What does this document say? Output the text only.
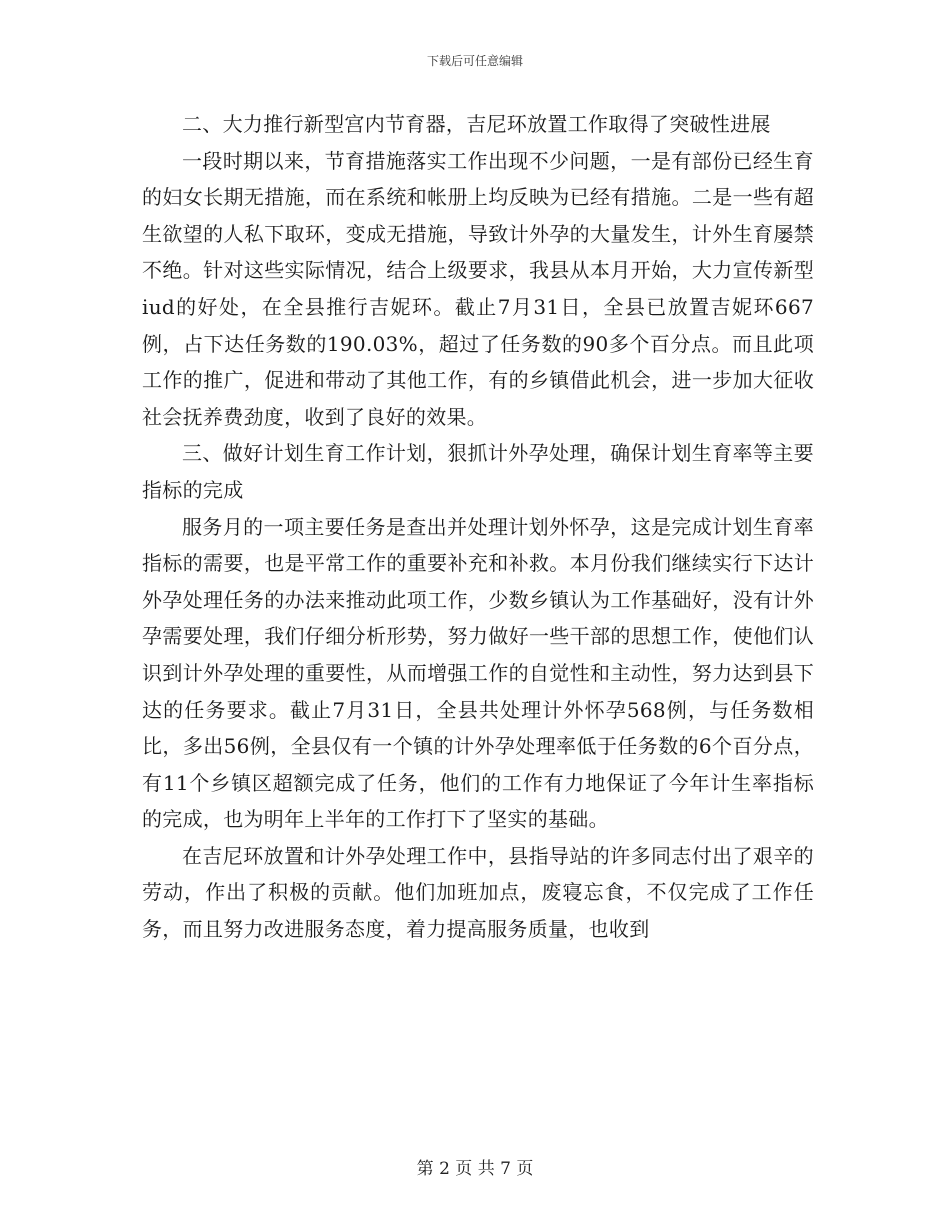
下载后可任意编辑

二、大力推行新型宫内节育器，吉尼环放置工作取得了突破性进展

一段时期以来，节育措施落实工作出现不少问题，一是有部份已经生育的妇女长期无措施，而在系统和帐册上均反映为已经有措施。二是一些有超生欲望的人私下取环，变成无措施，导致计外孕的大量发生，计外生育屡禁不绝。针对这些实际情况，结合上级要求，我县从本月开始，大力宣传新型iud的好处，在全县推行吉妮环。截止7月31日，全县已放置吉妮环667例，占下达任务数的190.03%，超过了任务数的90多个百分点。而且此项工作的推广，促进和带动了其他工作，有的乡镇借此机会，进一步加大征收社会抚养费劲度，收到了良好的效果。

三、做好计划生育工作计划，狠抓计外孕处理，确保计划生育率等主要指标的完成

服务月的一项主要任务是查出并处理计划外怀孕，这是完成计划生育率指标的需要，也是平常工作的重要补充和补救。本月份我们继续实行下达计外孕处理任务的办法来推动此项工作，少数乡镇认为工作基础好，没有计外孕需要处理，我们仔细分析形势，努力做好一些干部的思想工作，使他们认识到计外孕处理的重要性，从而增强工作的自觉性和主动性，努力达到县下达的任务要求。截止7月31日，全县共处理计外怀孕568例，与任务数相比，多出56例，全县仅有一个镇的计外孕处理率低于任务数的6个百分点，有11个乡镇区超额完成了任务，他们的工作有力地保证了今年计生率指标的完成，也为明年上半年的工作打下了坚实的基础。

在吉尼环放置和计外孕处理工作中，县指导站的许多同志付出了艰辛的劳动，作出了积极的贡献。他们加班加点，废寝忘食，不仅完成了工作任务，而且努力改进服务态度，着力提高服务质量，也收到

第 2 页 共 7 页
